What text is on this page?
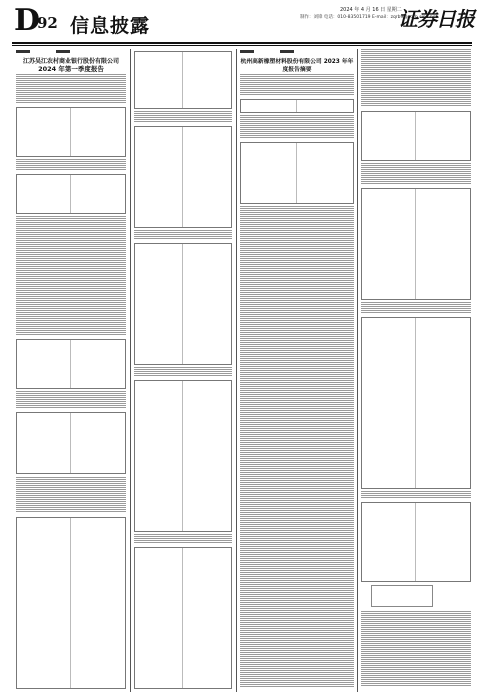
D
92 信息披露
2024 年 4 月 16 日 星期二
制作：刘锋 电话：010-83501719 E-mail：zqrb9@zqrb.sina.net
证券日报
江苏吴江农村商业银行股份有限公司
2024 年第一季度报告
杭州高新橡塑材料股份有限公司 2023 年年
度报告摘要
